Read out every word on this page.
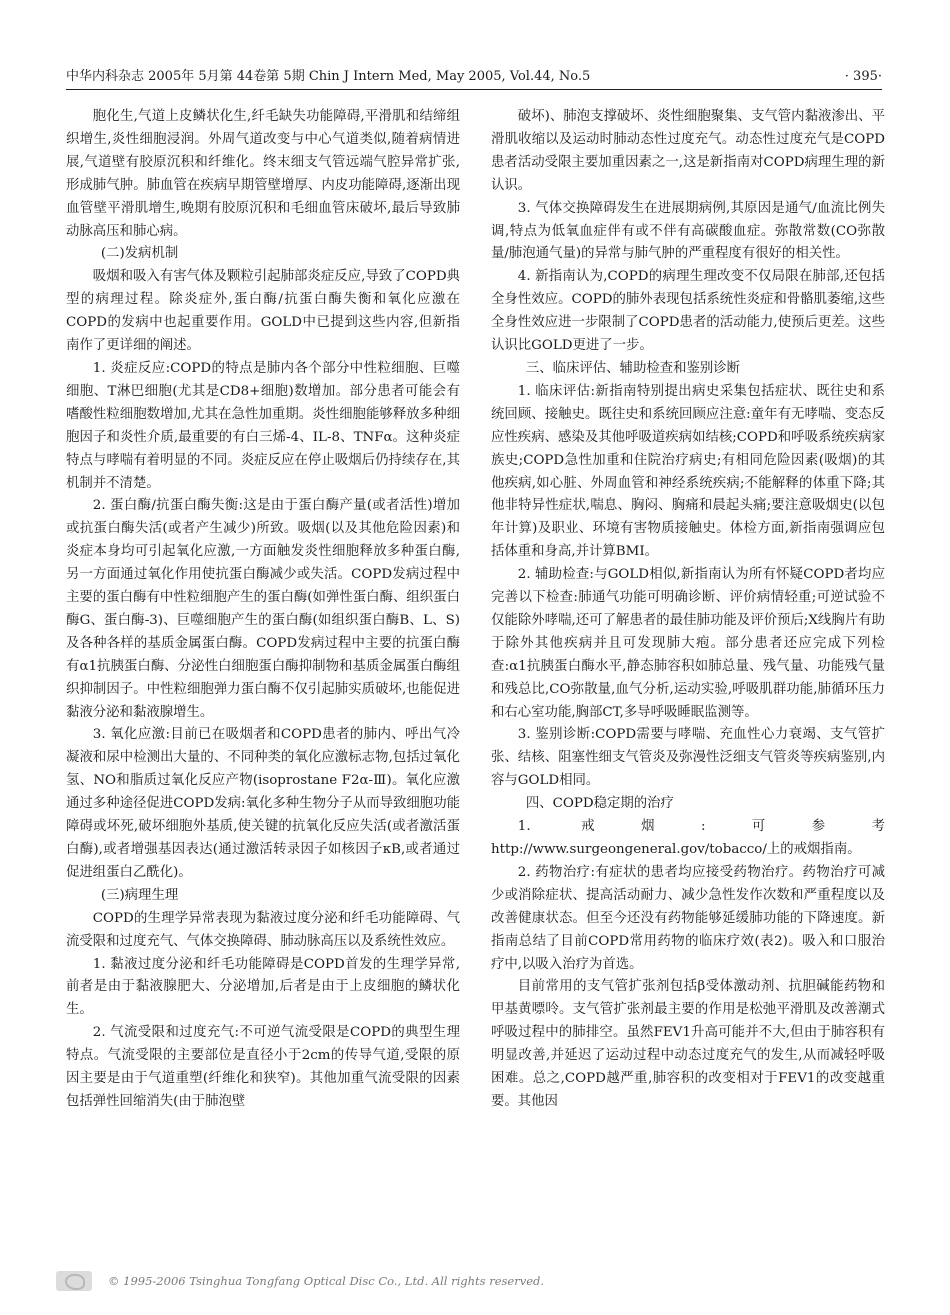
中华内科杂志 2005年 5月第 44卷第 5期 Chin J Intern Med, May 2005, Vol.44, No.5	· 395·

胞化生,气道上皮鳞状化生,纤毛缺失功能障碍,平滑肌和结缔组织增生,炎性细胞浸润。外周气道改变与中心气道类似,随着病情进展,气道壁有胶原沉积和纤维化。终末细支气管远端气腔异常扩张,形成肺气肿。肺血管在疾病早期管壁增厚、内皮功能障碍,逐渐出现血管壁平滑肌增生,晚期有胶原沉积和毛细血管床破坏,最后导致肺动脉高压和肺心病。

(二)发病机制

吸烟和吸入有害气体及颗粒引起肺部炎症反应,导致了COPD典型的病理过程。除炎症外,蛋白酶/抗蛋白酶失衡和氧化应激在COPD的发病中也起重要作用。GOLD中已提到这些内容,但新指南作了更详细的阐述。

1. 炎症反应:COPD的特点是肺内各个部分中性粒细胞、巨噬细胞、T淋巴细胞(尤其是CD8+细胞)数增加。部分患者可能会有嗜酸性粒细胞数增加,尤其在急性加重期。炎性细胞能够释放多种细胞因子和炎性介质,最重要的有白三烯-4、IL-8、TNFα。这种炎症特点与哮喘有着明显的不同。炎症反应在停止吸烟后仍持续存在,其机制并不清楚。

2. 蛋白酶/抗蛋白酶失衡:这是由于蛋白酶产量(或者活性)增加或抗蛋白酶失活(或者产生减少)所致。吸烟(以及其他危险因素)和炎症本身均可引起氧化应激,一方面触发炎性细胞释放多种蛋白酶,另一方面通过氧化作用使抗蛋白酶减少或失活。COPD发病过程中主要的蛋白酶有中性粒细胞产生的蛋白酶(如弹性蛋白酶、组织蛋白酶G、蛋白酶-3)、巨噬细胞产生的蛋白酶(如组织蛋白酶B、L、S)及各种各样的基质金属蛋白酶。COPD发病过程中主要的抗蛋白酶有α1抗胰蛋白酶、分泌性白细胞蛋白酶抑制物和基质金属蛋白酶组织抑制因子。中性粒细胞弹力蛋白酶不仅引起肺实质破坏,也能促进黏液分泌和黏液腺增生。

3. 氧化应激:目前已在吸烟者和COPD患者的肺内、呼出气冷凝液和尿中检测出大量的、不同种类的氧化应激标志物,包括过氧化氢、NO和脂质过氧化反应产物(isoprostane F2α-Ⅲ)。氧化应激通过多种途径促进COPD发病:氧化多种生物分子从而导致细胞功能障碍或坏死,破坏细胞外基质,使关键的抗氧化反应失活(或者激活蛋白酶),或者增强基因表达(通过激活转录因子如核因子κB,或者通过促进组蛋白乙酰化)。

(三)病理生理

COPD的生理学异常表现为黏液过度分泌和纤毛功能障碍、气流受限和过度充气、气体交换障碍、肺动脉高压以及系统性效应。

1. 黏液过度分泌和纤毛功能障碍是COPD首发的生理学异常,前者是由于黏液腺肥大、分泌增加,后者是由于上皮细胞的鳞状化生。

2. 气流受限和过度充气:不可逆气流受限是COPD的典型生理特点。气流受限的主要部位是直径小于2cm的传导气道,受限的原因主要是由于气道重塑(纤维化和狭窄)。其他加重气流受限的因素包括弹性回缩消失(由于肺泡壁

破坏)、肺泡支撑破坏、炎性细胞聚集、支气管内黏液渗出、平滑肌收缩以及运动时肺动态性过度充气。动态性过度充气是COPD患者活动受限主要加重因素之一,这是新指南对COPD病理生理的新认识。

3. 气体交换障碍发生在进展期病例,其原因是通气/血流比例失调,特点为低氧血症伴有或不伴有高碳酸血症。弥散常数(CO弥散量/肺泡通气量)的异常与肺气肿的严重程度有很好的相关性。

4. 新指南认为,COPD的病理生理改变不仅局限在肺部,还包括全身性效应。COPD的肺外表现包括系统性炎症和骨骼肌萎缩,这些全身性效应进一步限制了COPD患者的活动能力,使预后更差。这些认识比GOLD更进了一步。

三、临床评估、辅助检查和鉴别诊断

1. 临床评估:新指南特别提出病史采集包括症状、既往史和系统回顾、接触史。既往史和系统回顾应注意:童年有无哮喘、变态反应性疾病、感染及其他呼吸道疾病如结核;COPD和呼吸系统疾病家族史;COPD急性加重和住院治疗病史;有相同危险因素(吸烟)的其他疾病,如心脏、外周血管和神经系统疾病;不能解释的体重下降;其他非特异性症状,喘息、胸闷、胸痛和晨起头痛;要注意吸烟史(以包年计算)及职业、环境有害物质接触史。体检方面,新指南强调应包括体重和身高,并计算BMI。

2. 辅助检查:与GOLD相似,新指南认为所有怀疑COPD者均应完善以下检查:肺通气功能可明确诊断、评价病情轻重;可逆试验不仅能除外哮喘,还可了解患者的最佳肺功能及评价预后;X线胸片有助于除外其他疾病并且可发现肺大疱。部分患者还应完成下列检查:α1抗胰蛋白酶水平,静态肺容积如肺总量、残气量、功能残气量和残总比,CO弥散量,血气分析,运动实验,呼吸肌群功能,肺循环压力和右心室功能,胸部CT,多导呼吸睡眠监测等。

3. 鉴别诊断:COPD需要与哮喘、充血性心力衰竭、支气管扩张、结核、阻塞性细支气管炎及弥漫性泛细支气管炎等疾病鉴别,内容与GOLD相同。

四、COPD稳定期的治疗

1. 戒烟:可参考 http://www.surgeongeneral.gov/tobacco/上的戒烟指南。

2. 药物治疗:有症状的患者均应接受药物治疗。药物治疗可减少或消除症状、提高活动耐力、减少急性发作次数和严重程度以及改善健康状态。但至今还没有药物能够延缓肺功能的下降速度。新指南总结了目前COPD常用药物的临床疗效(表2)。吸入和口服治疗中,以吸入治疗为首选。

目前常用的支气管扩张剂包括β受体激动剂、抗胆碱能药物和甲基黄嘌呤。支气管扩张剂最主要的作用是松弛平滑肌及改善潮式呼吸过程中的肺排空。虽然FEV1升高可能并不大,但由于肺容积有明显改善,并延迟了运动过程中动态过度充气的发生,从而减轻呼吸困难。总之,COPD越严重,肺容积的改变相对于FEV1的改变越重要。其他因

© 1995-2006 Tsinghua Tongfang Optical Disc Co., Ltd. All rights reserved.
